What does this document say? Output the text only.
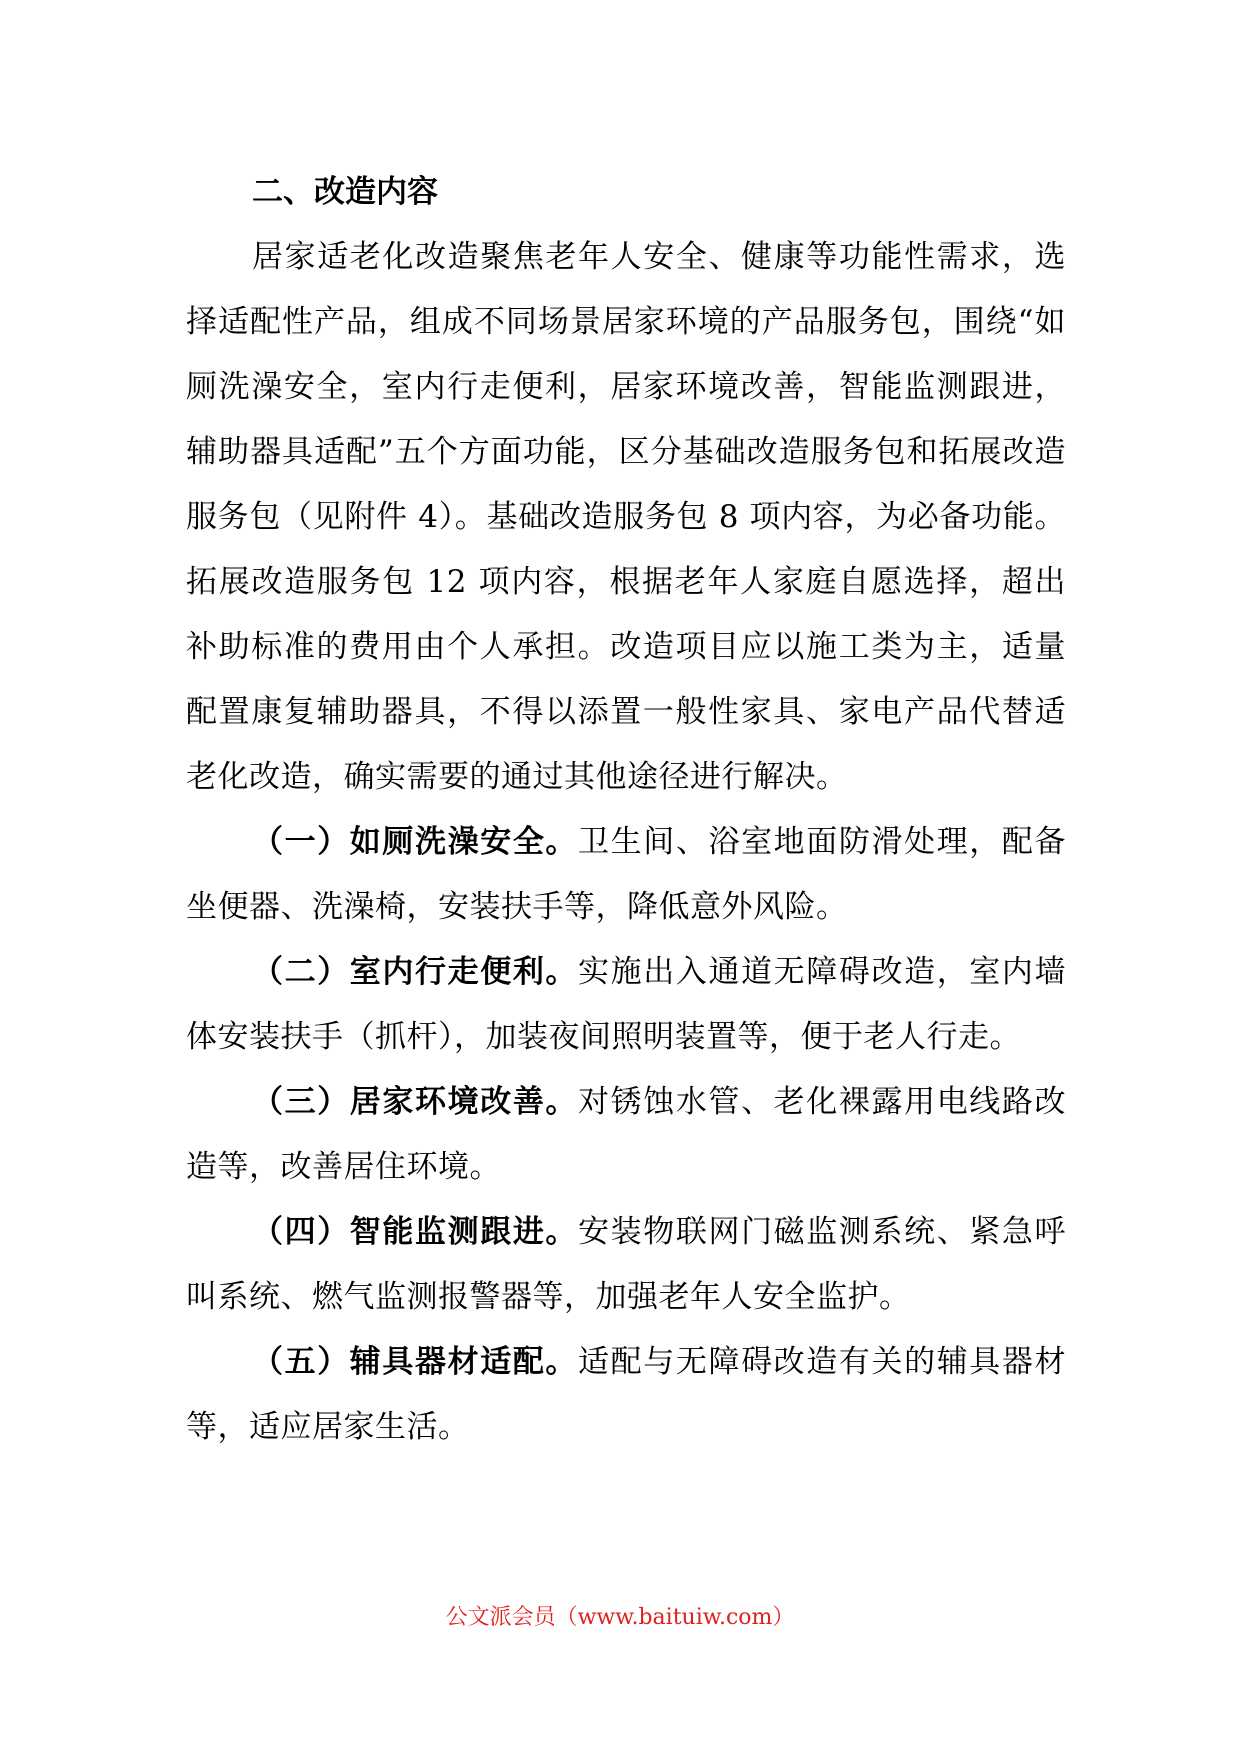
二、改造内容

居家适老化改造聚焦老年人安全、健康等功能性需求，选择适配性产品，组成不同场景居家环境的产品服务包，围绕“如厕洗澡安全，室内行走便利，居家环境改善，智能监测跟进，辅助器具适配”五个方面功能，区分基础改造服务包和拓展改造服务包（见附件 4）。基础改造服务包 8 项内容，为必备功能。拓展改造服务包 12 项内容，根据老年人家庭自愿选择，超出补助标准的费用由个人承担。改造项目应以施工类为主，适量配置康复辅助器具，不得以添置一般性家具、家电产品代替适老化改造，确实需要的通过其他途径进行解决。

（一）如厕洗澡安全。卫生间、浴室地面防滑处理，配备坐便器、洗澡椅，安装扶手等，降低意外风险。

（二）室内行走便利。实施出入通道无障碍改造，室内墙体安装扶手（抓杆），加装夜间照明装置等，便于老人行走。

（三）居家环境改善。对锈蚀水管、老化裸露用电线路改造等，改善居住环境。

（四）智能监测跟进。安装物联网门磁监测系统、紧急呼叫系统、燃气监测报警器等，加强老年人安全监护。

（五）辅具器材适配。适配与无障碍改造有关的辅具器材等，适应居家生活。

公文派会员（www.baituiw.com）
